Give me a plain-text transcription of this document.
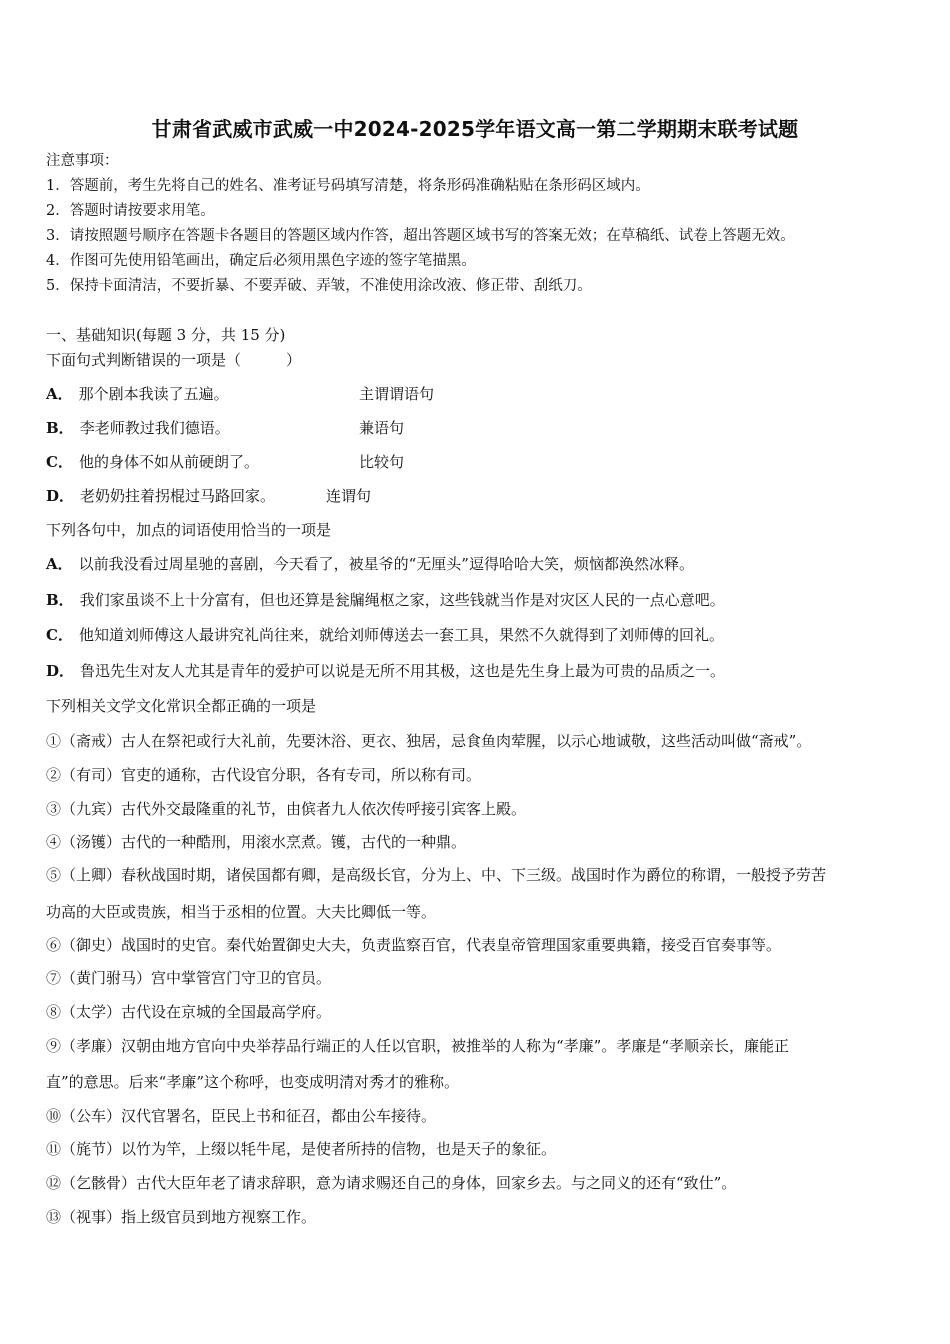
甘肃省武威市武威一中2024-2025学年语文高一第二学期期末联考试题
注意事项：
1．答题前，考生先将自己的姓名、准考证号码填写清楚，将条形码准确粘贴在条形码区域内。
2．答题时请按要求用笔。
3．请按照题号顺序在答题卡各题目的答题区域内作答，超出答题区域书写的答案无效；在草稿纸、试卷上答题无效。
4．作图可先使用铅笔画出，确定后必须用黑色字迹的签字笔描黑。
5．保持卡面清洁，不要折暴、不要弄破、弄皱，不准使用涂改液、修正带、刮纸刀。
一、基础知识(每题 3 分，共 15 分)
下面句式判断错误的一项是（　　　）
A． 那个剧本我读了五遍。	主谓谓语句
B． 李老师教过我们德语。	兼语句
C． 他的身体不如从前硬朗了。	比较句
D． 老奶奶拄着拐棍过马路回家。	连谓句
下列各句中，加点的词语使用恰当的一项是
A． 以前我没看过周星驰的喜剧，今天看了，被星爷的“无厘头”逗得哈哈大笑，烦恼都涣然冰释。
B． 我们家虽谈不上十分富有，但也还算是瓮牖绳枢之家，这些钱就当作是对灾区人民的一点心意吧。
C． 他知道刘师傅这人最讲究礼尚往来，就给刘师傅送去一套工具，果然不久就得到了刘师傅的回礼。
D． 鲁迅先生对友人尤其是青年的爱护可以说是无所不用其极，这也是先生身上最为可贵的品质之一。
下列相关文学文化常识全都正确的一项是
①（斋戒）古人在祭祀或行大礼前，先要沐浴、更衣、独居，忌食鱼肉荤腥，以示心地诚敬，这些活动叫做“斋戒”。
②（有司）官吏的通称，古代设官分职，各有专司，所以称有司。
③（九宾）古代外交最隆重的礼节，由傧者九人依次传呼接引宾客上殿。
④（汤镬）古代的一种酷刑，用滚水烹煮。镬，古代的一种鼎。
⑤（上卿）春秋战国时期，诸侯国都有卿，是高级长官，分为上、中、下三级。战国时作为爵位的称谓，一般授予劳苦
功高的大臣或贵族，相当于丞相的位置。大夫比卿低一等。
⑥（御史）战国时的史官。秦代始置御史大夫，负责监察百官，代表皇帝管理国家重要典籍，接受百官奏事等。
⑦（黄门驸马）宫中掌管宫门守卫的官员。
⑧（太学）古代设在京城的全国最高学府。
⑨（孝廉）汉朝由地方官向中央举荐品行端正的人任以官职，被推举的人称为“孝廉”。孝廉是“孝顺亲长，廉能正
直”的意思。后来“孝廉”这个称呼，也变成明清对秀才的雅称。
⑩（公车）汉代官署名，臣民上书和征召，都由公车接待。
⑪（旄节）以竹为竿，上缀以牦牛尾，是使者所持的信物，也是天子的象征。
⑫（乞骸骨）古代大臣年老了请求辞职，意为请求赐还自己的身体，回家乡去。与之同义的还有“致仕”。
⑬（视事）指上级官员到地方视察工作。
